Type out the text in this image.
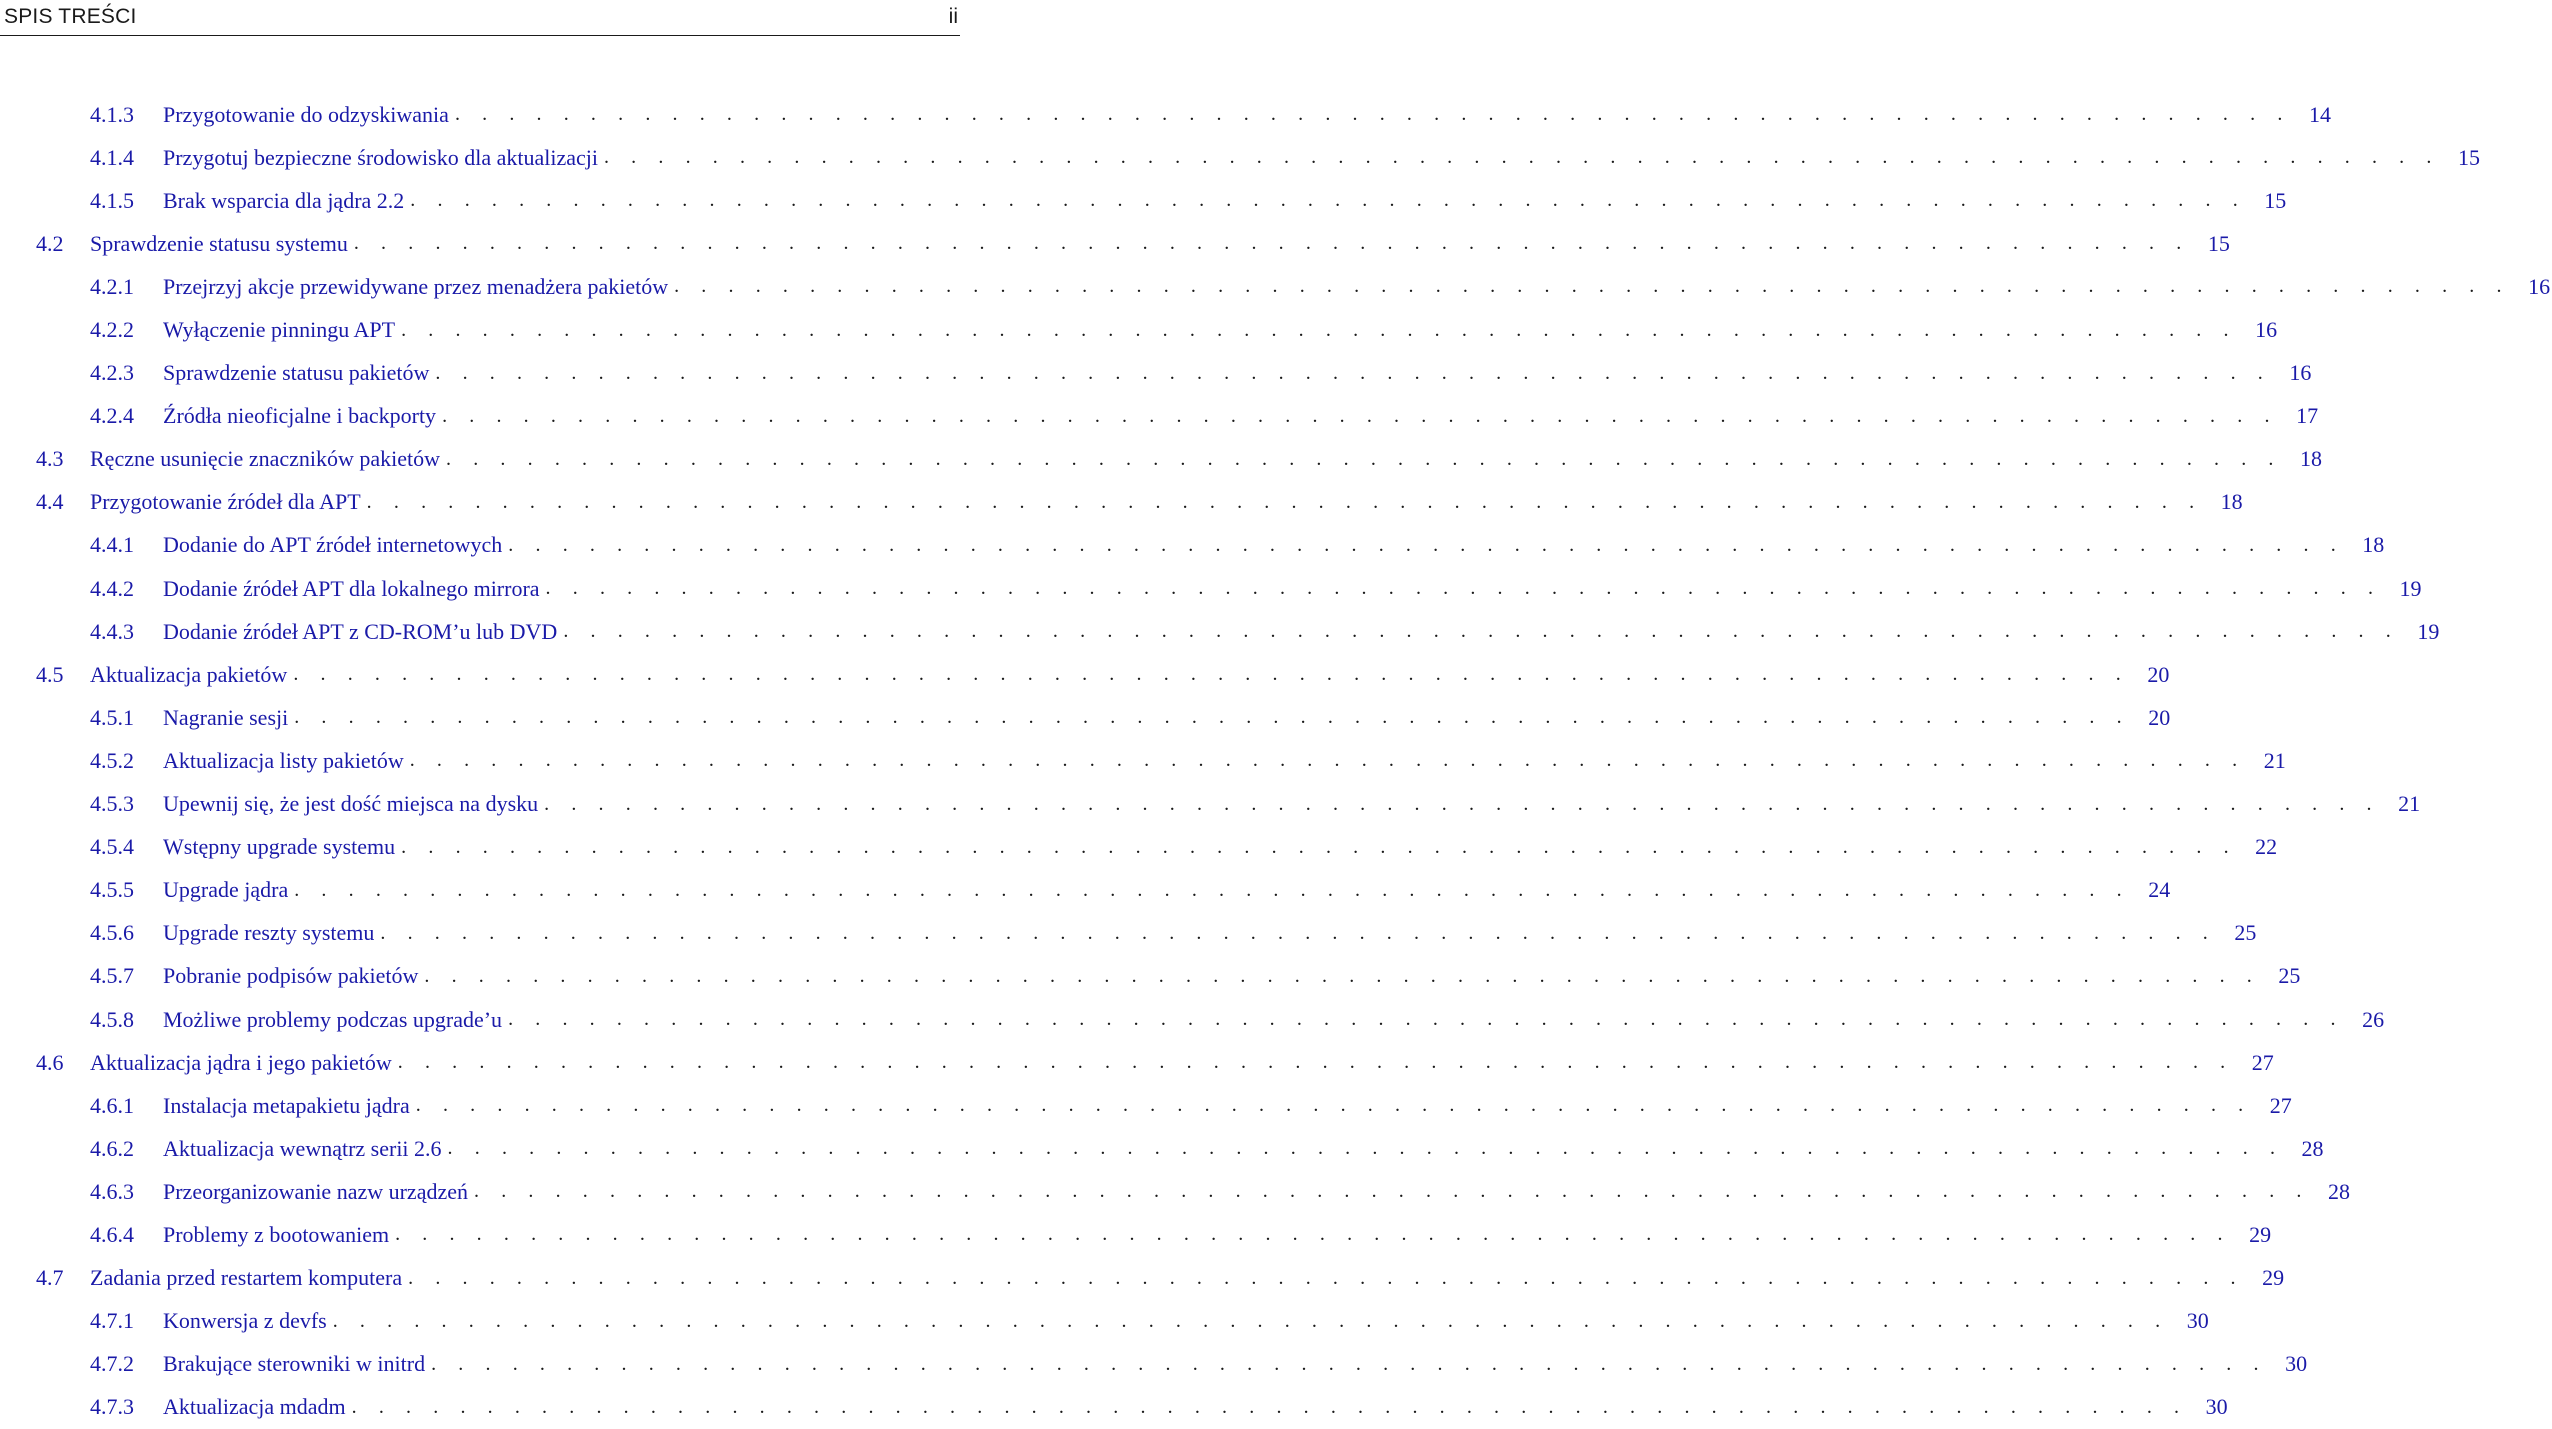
SPIS TREŚCI	ii
4.1.3	Przygotowanie do odzyskiwania . . . . . . . . . . . . . . . . . . . . . . . . . . . . . . . . . . . . . . . . . . . . . . . . . . . . . . . . . . . . . . . . . . . . 14
4.1.4	Przygotuj bezpieczne środowisko dla aktualizacji . . . . . . . . . . . . . . . . . . . . . . . . . . . . . . . . . . . . . . . . . . . . . . . . . . . . . . . . . . . . . . . . . . . . 15
4.1.5	Brak wsparcia dla jądra 2.2 . . . . . . . . . . . . . . . . . . . . . . . . . . . . . . . . . . . . . . . . . . . . . . . . . . . . . . . . . . . . . . . . . . . . 15
4.2	Sprawdzenie statusu systemu . . . . . . . . . . . . . . . . . . . . . . . . . . . . . . . . . . . . . . . . . . . . . . . . . . . . . . . . . . . . . . . . . . . . 15
4.2.1	Przejrzyj akcje przewidywane przez menadżera pakietów . . . . . . . . . . . . . . . . . . . . . . . . . . . . . . . . . . . . . . . . . . . . . . . . . . . . . . . . . . . . . . . . . . . . 16
4.2.2	Wyłączenie pinningu APT . . . . . . . . . . . . . . . . . . . . . . . . . . . . . . . . . . . . . . . . . . . . . . . . . . . . . . . . . . . . . . . . . . . . 16
4.2.3	Sprawdzenie statusu pakietów . . . . . . . . . . . . . . . . . . . . . . . . . . . . . . . . . . . . . . . . . . . . . . . . . . . . . . . . . . . . . . . . . . . . 16
4.2.4	Źródła nieoficjalne i backporty . . . . . . . . . . . . . . . . . . . . . . . . . . . . . . . . . . . . . . . . . . . . . . . . . . . . . . . . . . . . . . . . . . . . 17
4.3	Ręczne usunięcie znaczników pakietów . . . . . . . . . . . . . . . . . . . . . . . . . . . . . . . . . . . . . . . . . . . . . . . . . . . . . . . . . . . . . . . . . . . . 18
4.4	Przygotowanie źródeł dla APT . . . . . . . . . . . . . . . . . . . . . . . . . . . . . . . . . . . . . . . . . . . . . . . . . . . . . . . . . . . . . . . . . . . . 18
4.4.1	Dodanie do APT źródeł internetowych . . . . . . . . . . . . . . . . . . . . . . . . . . . . . . . . . . . . . . . . . . . . . . . . . . . . . . . . . . . . . . . . . . . . 18
4.4.2	Dodanie źródeł APT dla lokalnego mirrora . . . . . . . . . . . . . . . . . . . . . . . . . . . . . . . . . . . . . . . . . . . . . . . . . . . . . . . . . . . . . . . . . . . . 19
4.4.3	Dodanie źródeł APT z CD-ROM’u lub DVD . . . . . . . . . . . . . . . . . . . . . . . . . . . . . . . . . . . . . . . . . . . . . . . . . . . . . . . . . . . . . . . . . . . . 19
4.5	Aktualizacja pakietów . . . . . . . . . . . . . . . . . . . . . . . . . . . . . . . . . . . . . . . . . . . . . . . . . . . . . . . . . . . . . . . . . . . . 20
4.5.1	Nagranie sesji . . . . . . . . . . . . . . . . . . . . . . . . . . . . . . . . . . . . . . . . . . . . . . . . . . . . . . . . . . . . . . . . . . . . 20
4.5.2	Aktualizacja listy pakietów . . . . . . . . . . . . . . . . . . . . . . . . . . . . . . . . . . . . . . . . . . . . . . . . . . . . . . . . . . . . . . . . . . . . 21
4.5.3	Upewnij się, że jest dość miejsca na dysku . . . . . . . . . . . . . . . . . . . . . . . . . . . . . . . . . . . . . . . . . . . . . . . . . . . . . . . . . . . . . . . . . . . . 21
4.5.4	Wstępny upgrade systemu . . . . . . . . . . . . . . . . . . . . . . . . . . . . . . . . . . . . . . . . . . . . . . . . . . . . . . . . . . . . . . . . . . . . 22
4.5.5	Upgrade jądra . . . . . . . . . . . . . . . . . . . . . . . . . . . . . . . . . . . . . . . . . . . . . . . . . . . . . . . . . . . . . . . . . . . . 24
4.5.6	Upgrade reszty systemu . . . . . . . . . . . . . . . . . . . . . . . . . . . . . . . . . . . . . . . . . . . . . . . . . . . . . . . . . . . . . . . . . . . . 25
4.5.7	Pobranie podpisów pakietów . . . . . . . . . . . . . . . . . . . . . . . . . . . . . . . . . . . . . . . . . . . . . . . . . . . . . . . . . . . . . . . . . . . . 25
4.5.8	Możliwe problemy podczas upgrade’u . . . . . . . . . . . . . . . . . . . . . . . . . . . . . . . . . . . . . . . . . . . . . . . . . . . . . . . . . . . . . . . . . . . . 26
4.6	Aktualizacja jądra i jego pakietów . . . . . . . . . . . . . . . . . . . . . . . . . . . . . . . . . . . . . . . . . . . . . . . . . . . . . . . . . . . . . . . . . . . . 27
4.6.1	Instalacja metapakietu jądra . . . . . . . . . . . . . . . . . . . . . . . . . . . . . . . . . . . . . . . . . . . . . . . . . . . . . . . . . . . . . . . . . . . . 27
4.6.2	Aktualizacja wewnątrz serii 2.6 . . . . . . . . . . . . . . . . . . . . . . . . . . . . . . . . . . . . . . . . . . . . . . . . . . . . . . . . . . . . . . . . . . . . 28
4.6.3	Przeorganizowanie nazw urządzeń . . . . . . . . . . . . . . . . . . . . . . . . . . . . . . . . . . . . . . . . . . . . . . . . . . . . . . . . . . . . . . . . . . . . 28
4.6.4	Problemy z bootowaniem . . . . . . . . . . . . . . . . . . . . . . . . . . . . . . . . . . . . . . . . . . . . . . . . . . . . . . . . . . . . . . . . . . . . 29
4.7	Zadania przed restartem komputera . . . . . . . . . . . . . . . . . . . . . . . . . . . . . . . . . . . . . . . . . . . . . . . . . . . . . . . . . . . . . . . . . . . . 29
4.7.1	Konwersja z devfs . . . . . . . . . . . . . . . . . . . . . . . . . . . . . . . . . . . . . . . . . . . . . . . . . . . . . . . . . . . . . . . . . . . . 30
4.7.2	Brakujące sterowniki w initrd . . . . . . . . . . . . . . . . . . . . . . . . . . . . . . . . . . . . . . . . . . . . . . . . . . . . . . . . . . . . . . . . . . . . 30
4.7.3	Aktualizacja mdadm . . . . . . . . . . . . . . . . . . . . . . . . . . . . . . . . . . . . . . . . . . . . . . . . . . . . . . . . . . . . . . . . . . . . 30
